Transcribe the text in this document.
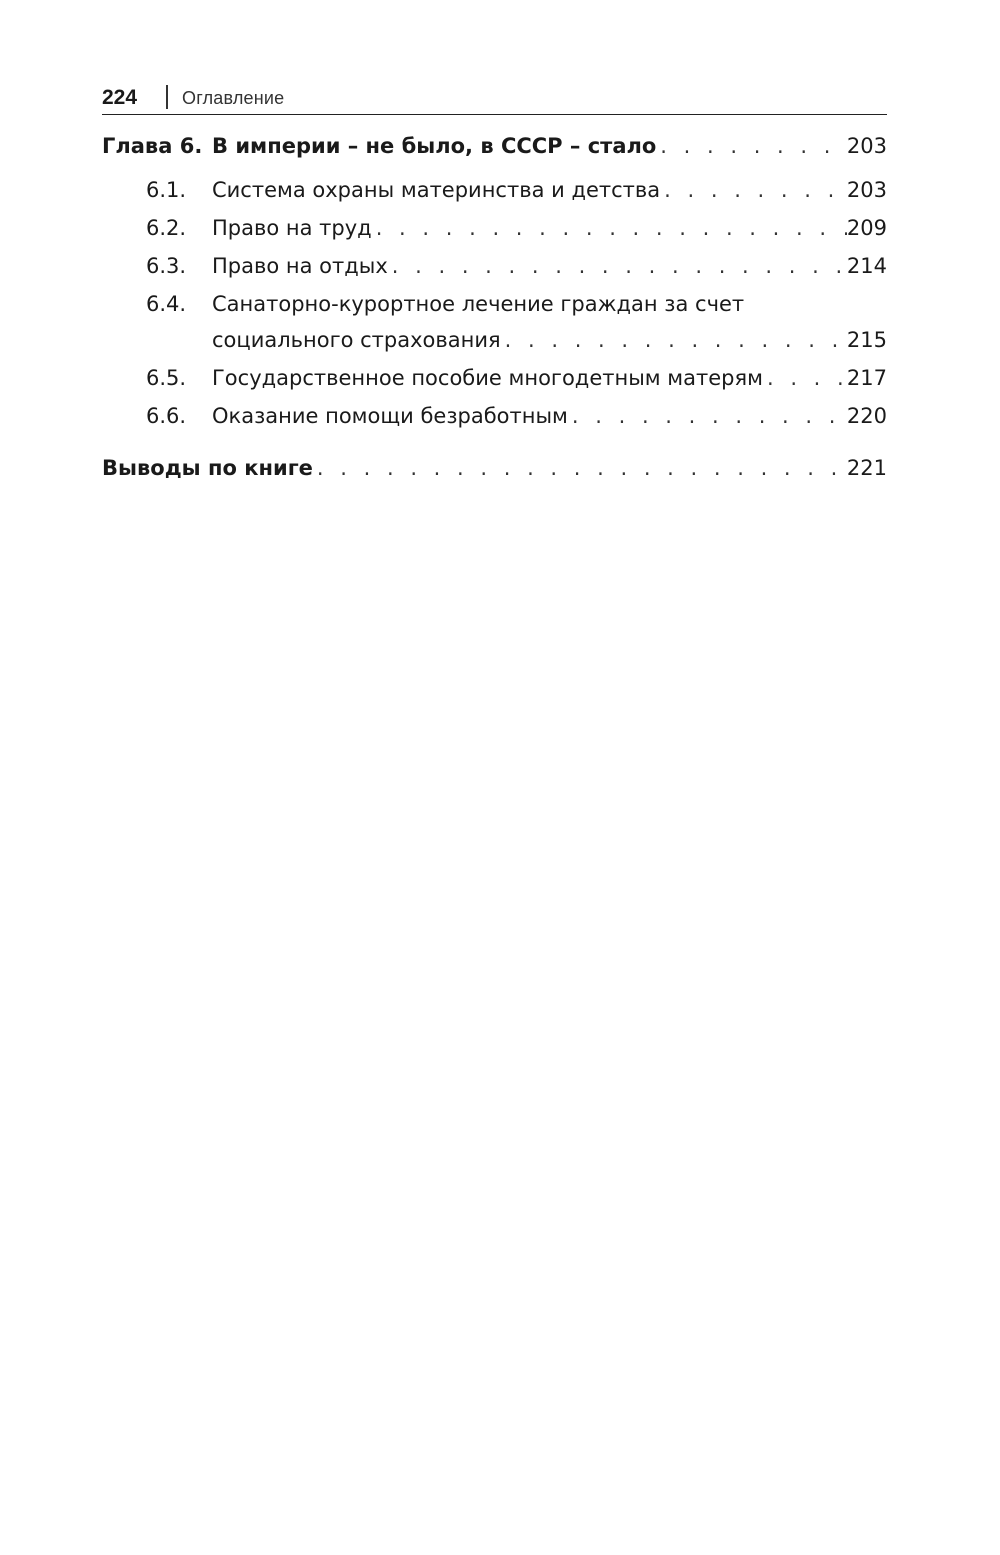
224 Оглавление
Глава 6. В империи – не было, в СССР – стало . . .	203
6.1.	Система охраны материнства и детства . . .	203
6.2.	Право на труд . . .	209
6.3.	Право на отдых . . .	214
6.4.	Санаторно-курортное лечение граждан за счет
социального страхования . . .	215
6.5.	Государственное пособие многодетным матерям . . .	217
6.6.	Оказание помощи безработным . . .	220
Выводы по книге . . .	221
